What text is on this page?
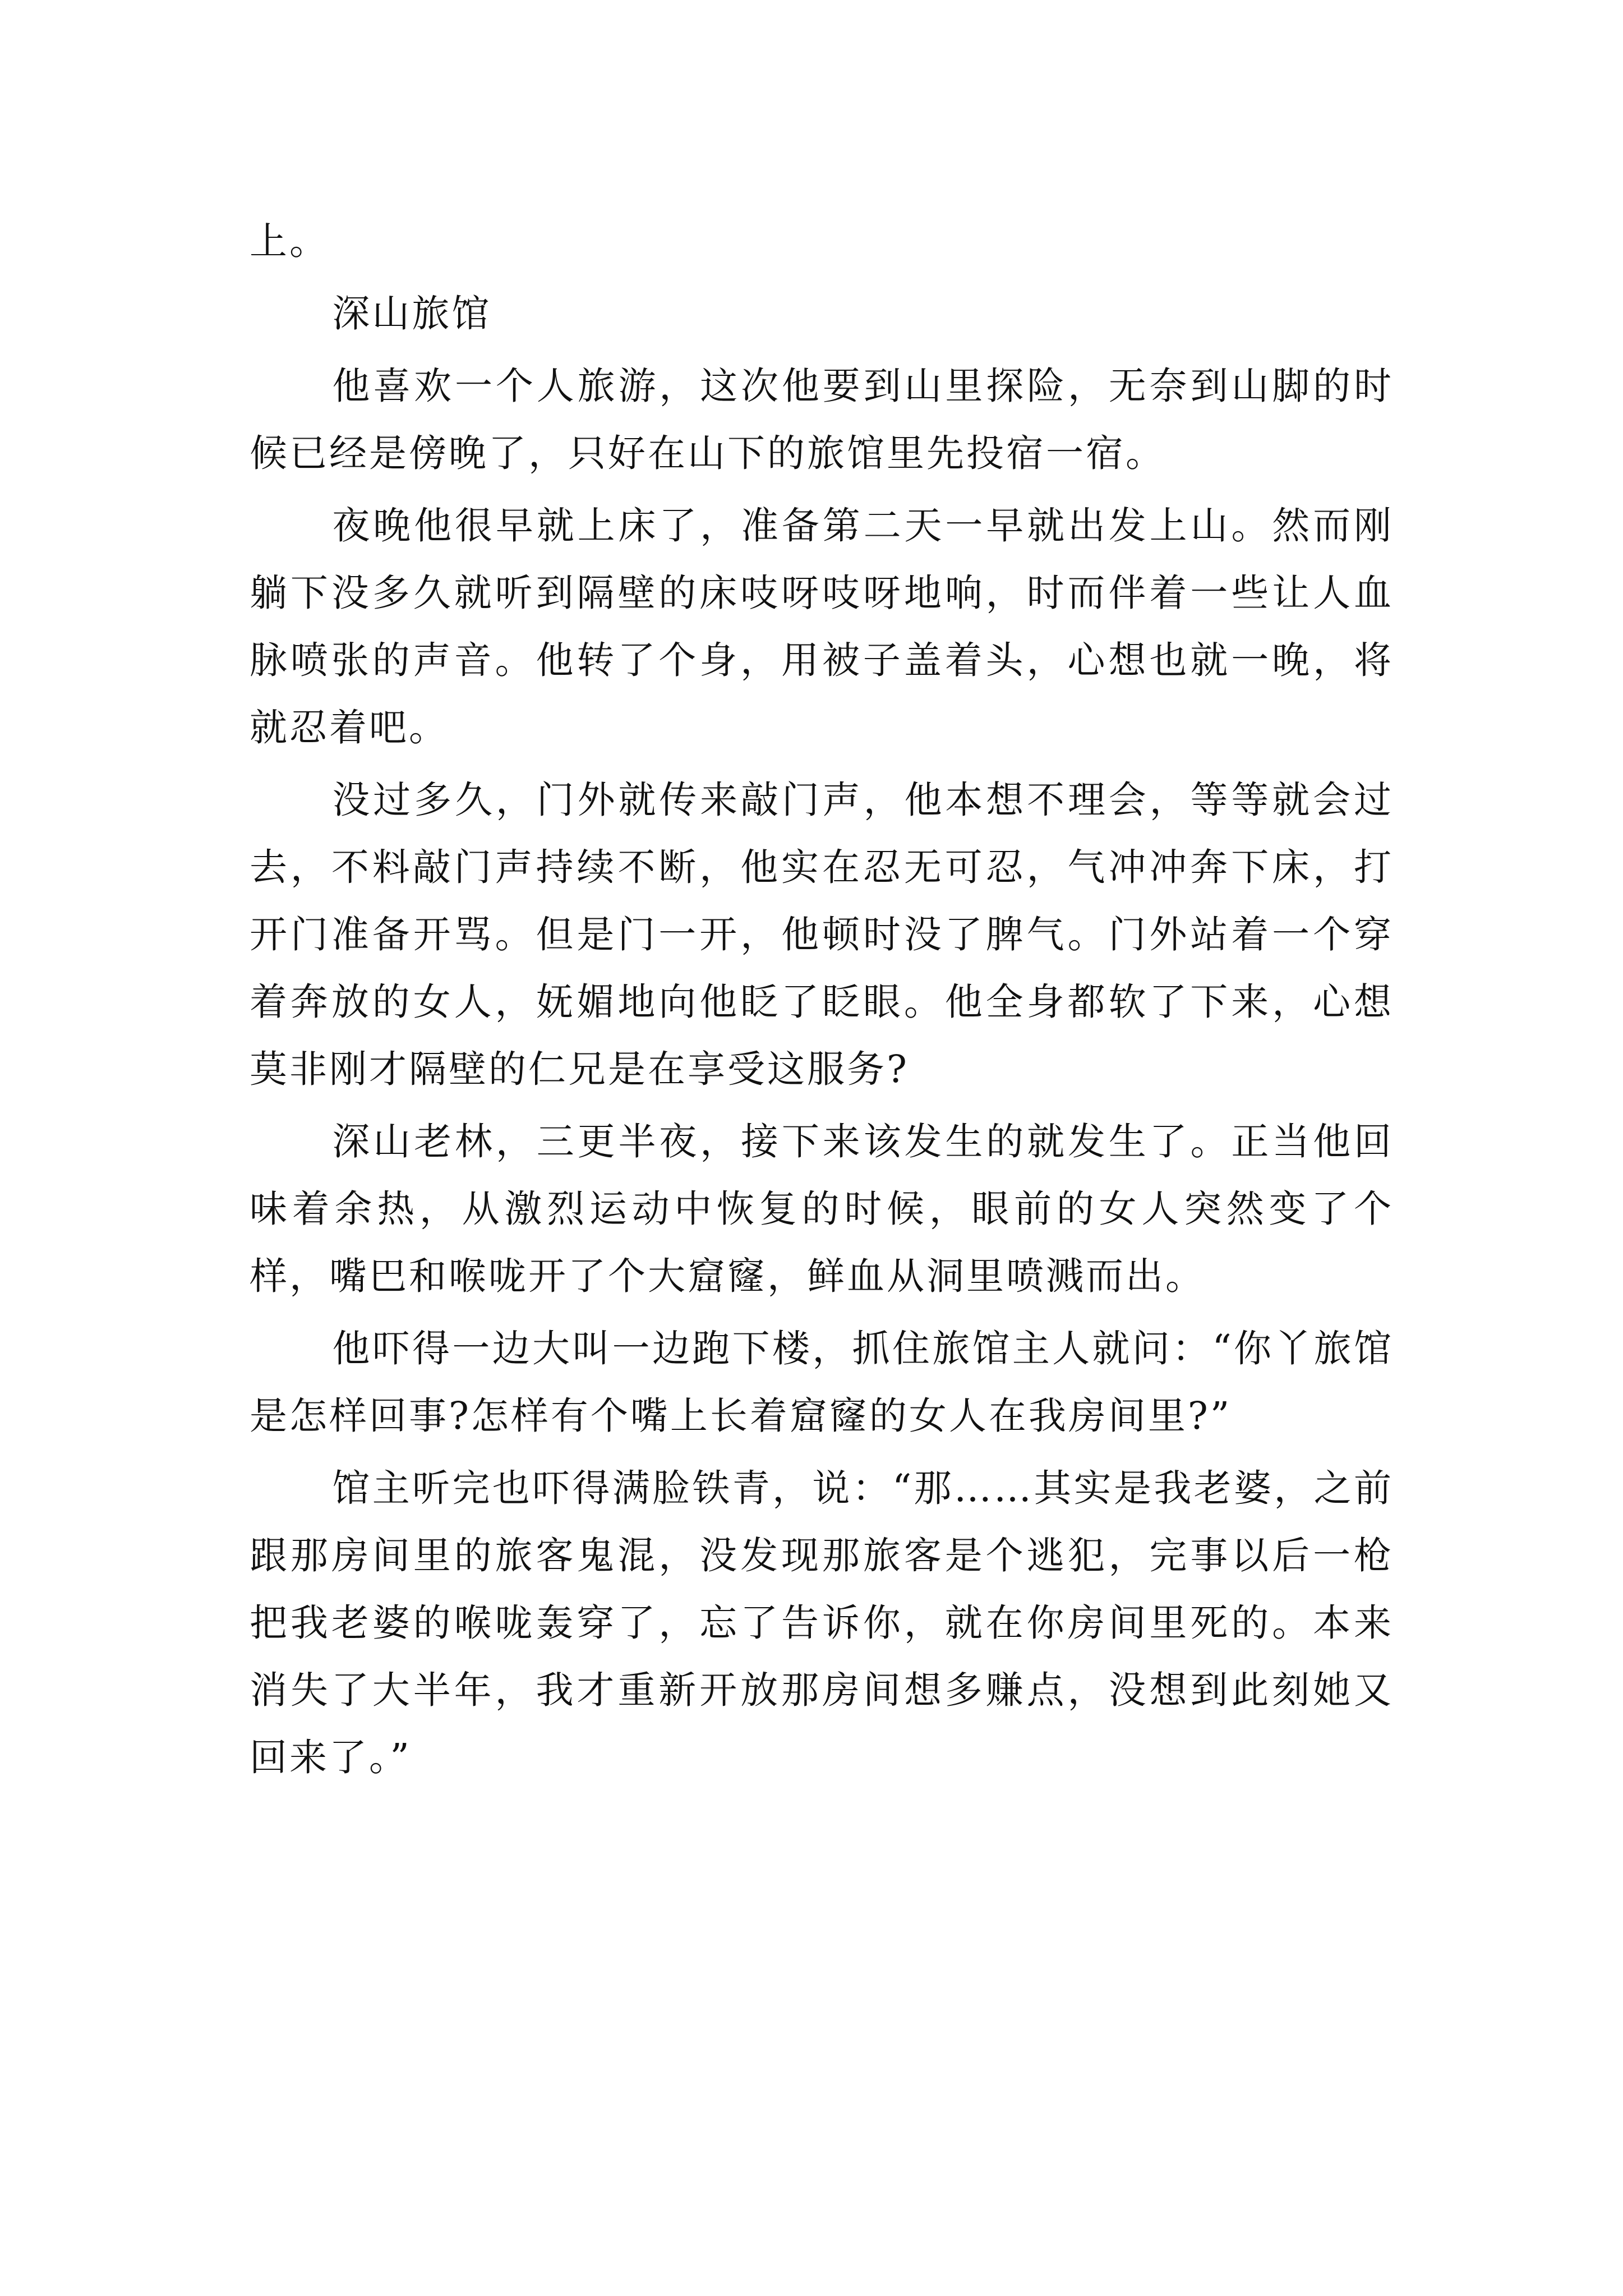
上。

深山旅馆

他喜欢一个人旅游，这次他要到山里探险，无奈到山脚的时候已经是傍晚了，只好在山下的旅馆里先投宿一宿。

夜晚他很早就上床了，准备第二天一早就出发上山。然而刚躺下没多久就听到隔壁的床吱呀吱呀地响，时而伴着一些让人血脉喷张的声音。他转了个身，用被子盖着头，心想也就一晚，将就忍着吧。

没过多久，门外就传来敲门声，他本想不理会，等等就会过去，不料敲门声持续不断，他实在忍无可忍，气冲冲奔下床，打开门准备开骂。但是门一开，他顿时没了脾气。门外站着一个穿着奔放的女人，妩媚地向他眨了眨眼。他全身都软了下来，心想莫非刚才隔壁的仁兄是在享受这服务?

深山老林，三更半夜，接下来该发生的就发生了。正当他回味着余热，从激烈运动中恢复的时候，眼前的女人突然变了个样，嘴巴和喉咙开了个大窟窿，鲜血从洞里喷溅而出。

他吓得一边大叫一边跑下楼，抓住旅馆主人就问：“你丫旅馆是怎样回事?怎样有个嘴上长着窟窿的女人在我房间里?”

馆主听完也吓得满脸铁青，说：“那……其实是我老婆，之前跟那房间里的旅客鬼混，没发现那旅客是个逃犯，完事以后一枪把我老婆的喉咙轰穿了，忘了告诉你，就在你房间里死的。本来消失了大半年，我才重新开放那房间想多赚点，没想到此刻她又回来了。”
